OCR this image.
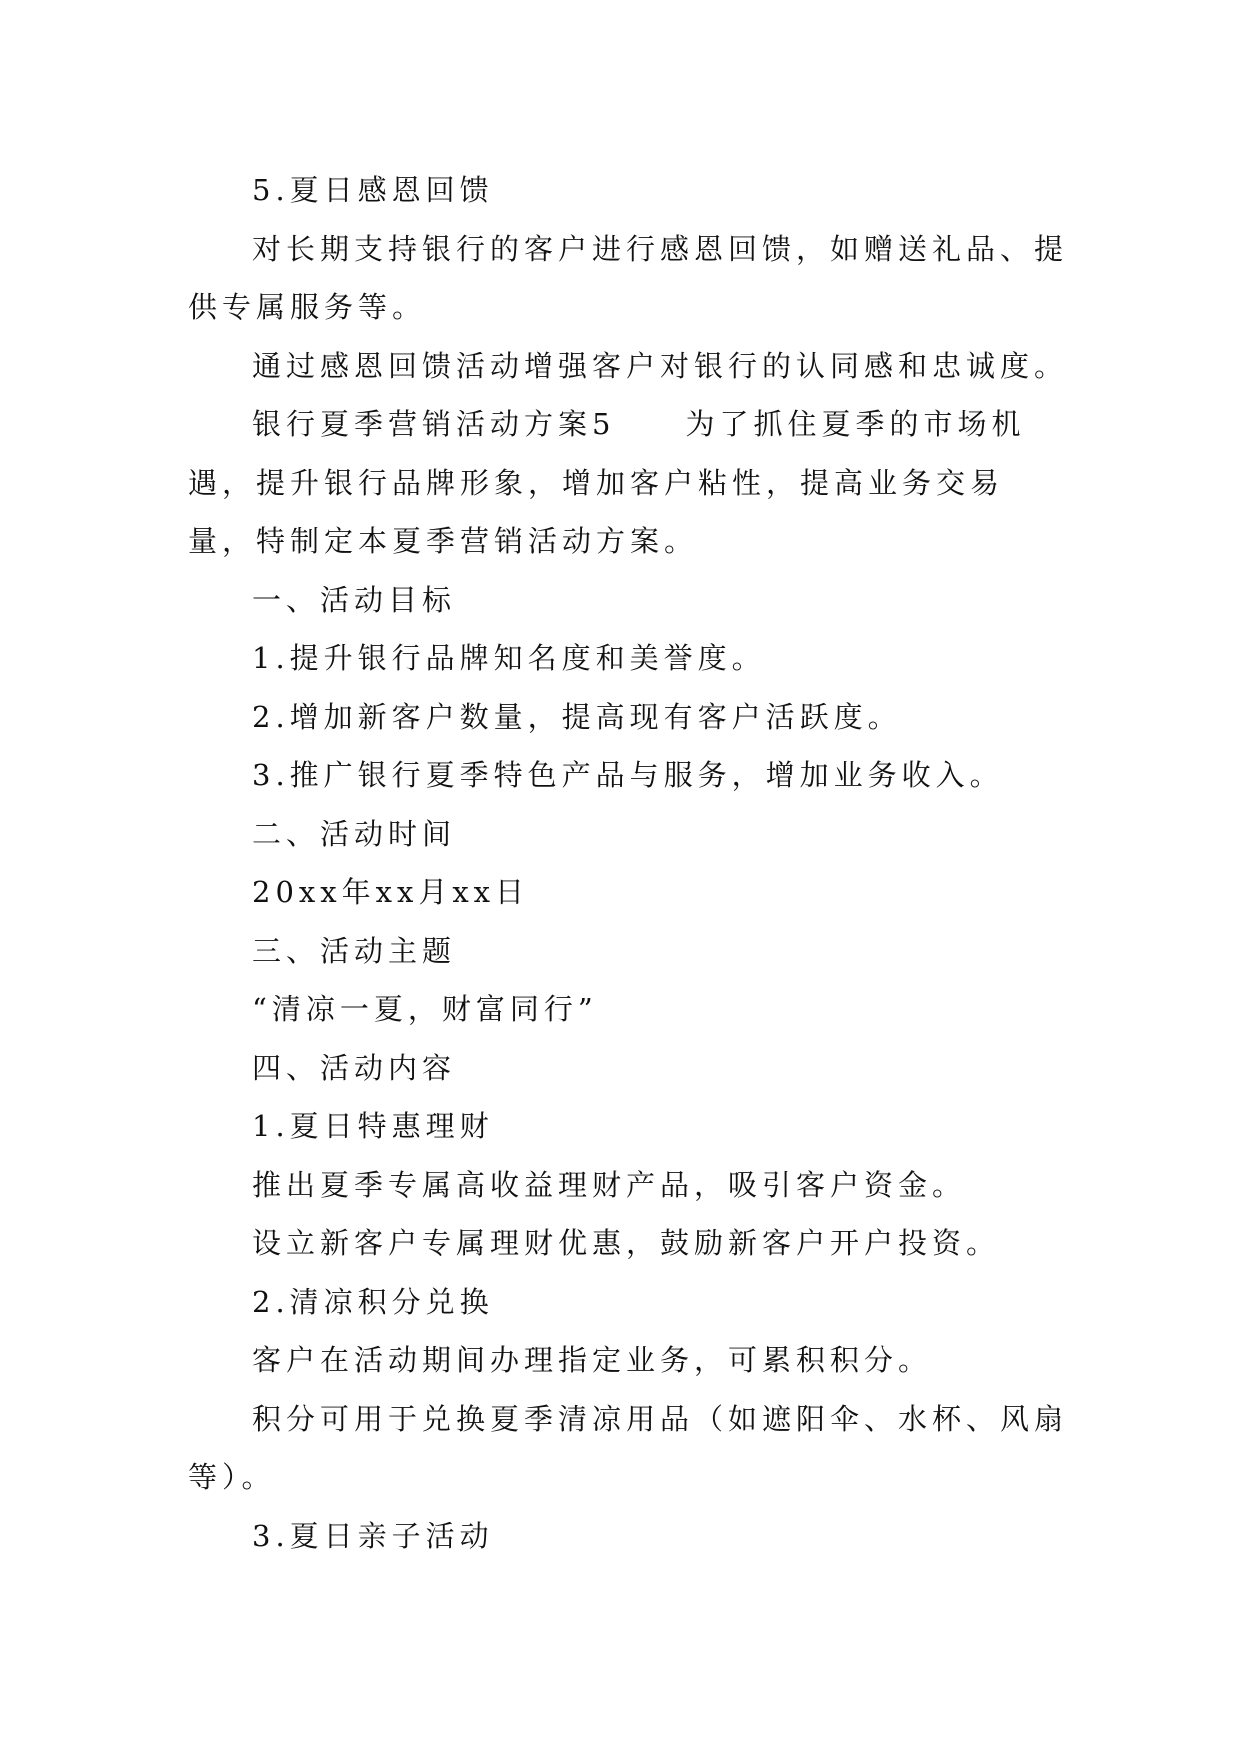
5.夏日感恩回馈

对长期支持银行的客户进行感恩回馈，如赠送礼品、提供专属服务等。

通过感恩回馈活动增强客户对银行的认同感和忠诚度。

银行夏季营销活动方案5 为了抓住夏季的市场机遇，提升银行品牌形象，增加客户粘性，提高业务交易量，特制定本夏季营销活动方案。

一、活动目标

1.提升银行品牌知名度和美誉度。

2.增加新客户数量，提高现有客户活跃度。

3.推广银行夏季特色产品与服务，增加业务收入。

二、活动时间

20xx年xx月xx日

三、活动主题

“清凉一夏，财富同行”

四、活动内容

1.夏日特惠理财

推出夏季专属高收益理财产品，吸引客户资金。

设立新客户专属理财优惠，鼓励新客户开户投资。

2.清凉积分兑换

客户在活动期间办理指定业务，可累积积分。

积分可用于兑换夏季清凉用品（如遮阳伞、水杯、风扇等）。

3.夏日亲子活动
